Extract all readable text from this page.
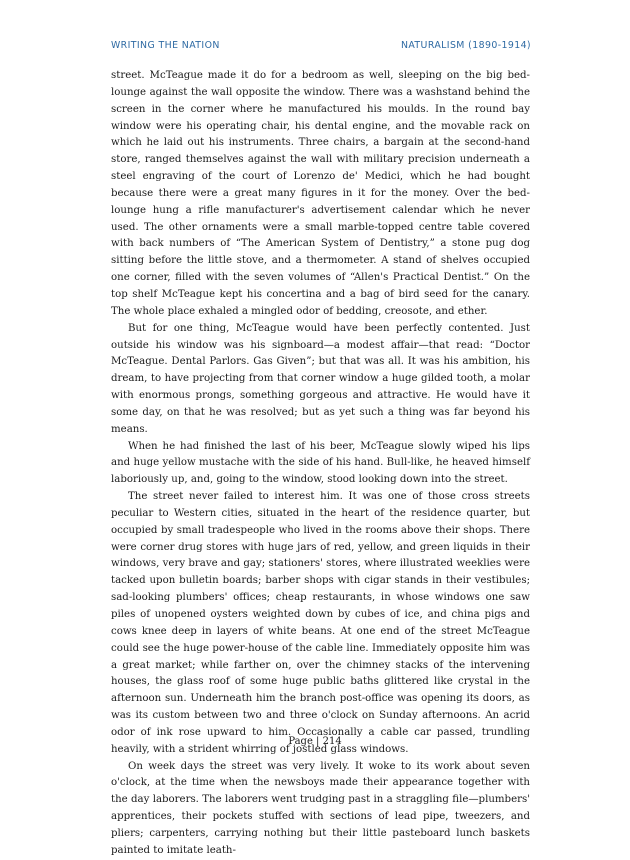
WRITING THE NATION	NATURALISM (1890-1914)

street. McTeague made it do for a bedroom as well, sleeping on the big bed-lounge against the wall opposite the window. There was a washstand behind the screen in the corner where he manufactured his moulds. In the round bay window were his operating chair, his dental engine, and the movable rack on which he laid out his instruments. Three chairs, a bargain at the second-hand store, ranged themselves against the wall with military precision underneath a steel engraving of the court of Lorenzo de' Medici, which he had bought because there were a great many figures in it for the money. Over the bed-lounge hung a rifle manufacturer's advertisement calendar which he never used. The other ornaments were a small marble-topped centre table covered with back numbers of “The American System of Dentistry,” a stone pug dog sitting before the little stove, and a thermometer. A stand of shelves occupied one corner, filled with the seven volumes of “Allen's Practical Dentist.” On the top shelf McTeague kept his concertina and a bag of bird seed for the canary. The whole place exhaled a mingled odor of bedding, creosote, and ether.

But for one thing, McTeague would have been perfectly contented. Just outside his window was his signboard—a modest affair—that read: “Doctor McTeague. Dental Parlors. Gas Given”; but that was all. It was his ambition, his dream, to have projecting from that corner window a huge gilded tooth, a molar with enormous prongs, something gorgeous and attractive. He would have it some day, on that he was resolved; but as yet such a thing was far beyond his means.

When he had finished the last of his beer, McTeague slowly wiped his lips and huge yellow mustache with the side of his hand. Bull-like, he heaved himself laboriously up, and, going to the window, stood looking down into the street.

The street never failed to interest him. It was one of those cross streets peculiar to Western cities, situated in the heart of the residence quarter, but occupied by small tradespeople who lived in the rooms above their shops. There were corner drug stores with huge jars of red, yellow, and green liquids in their windows, very brave and gay; stationers' stores, where illustrated weeklies were tacked upon bulletin boards; barber shops with cigar stands in their vestibules; sad-looking plumbers' offices; cheap restaurants, in whose windows one saw piles of unopened oysters weighted down by cubes of ice, and china pigs and cows knee deep in layers of white beans. At one end of the street McTeague could see the huge power-house of the cable line. Immediately opposite him was a great market; while farther on, over the chimney stacks of the intervening houses, the glass roof of some huge public baths glittered like crystal in the afternoon sun. Underneath him the branch post-office was opening its doors, as was its custom between two and three o'clock on Sunday afternoons. An acrid odor of ink rose upward to him. Occasionally a cable car passed, trundling heavily, with a strident whirring of jostled glass windows.

On week days the street was very lively. It woke to its work about seven o'clock, at the time when the newsboys made their appearance together with the day laborers. The laborers went trudging past in a straggling file—plumbers' apprentices, their pockets stuffed with sections of lead pipe, tweezers, and pliers; carpenters, carrying nothing but their little pasteboard lunch baskets painted to imitate leath-

Page | 214
